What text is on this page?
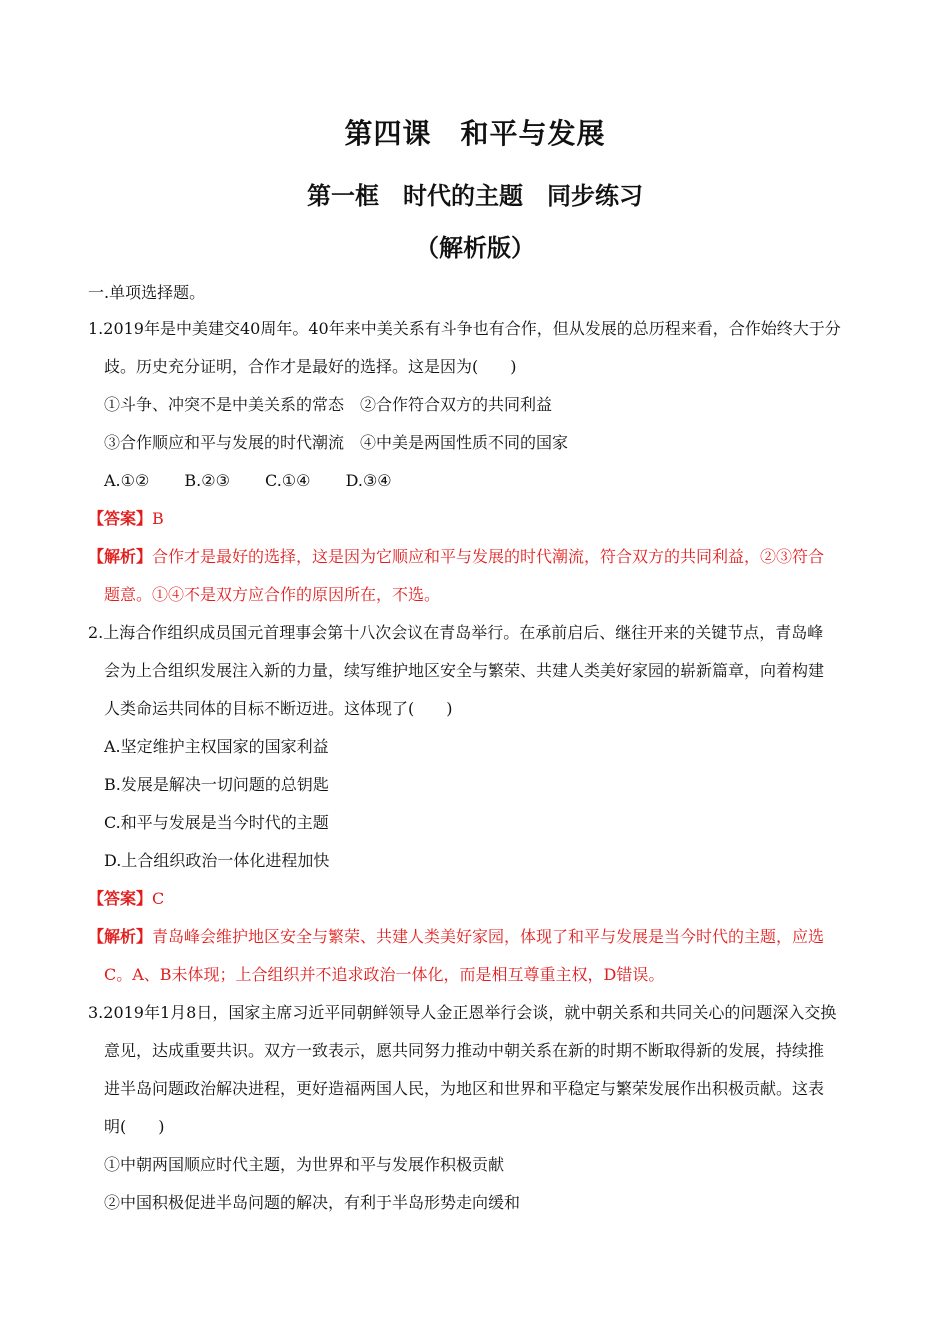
第四课　和平与发展
第一框　时代的主题　同步练习
（解析版）
一.单项选择题。
1.2019年是中美建交40周年。40年来中美关系有斗争也有合作，但从发展的总历程来看，合作始终大于分
歧。历史充分证明，合作才是最好的选择。这是因为(　　)
①斗争、冲突不是中美关系的常态　②合作符合双方的共同利益
③合作顺应和平与发展的时代潮流　④中美是两国性质不同的国家
A.①② B.②③ C.①④ D.③④
【答案】B
【解析】合作才是最好的选择，这是因为它顺应和平与发展的时代潮流，符合双方的共同利益，②③符合
题意。①④不是双方应合作的原因所在，不选。
2.上海合作组织成员国元首理事会第十八次会议在青岛举行。在承前启后、继往开来的关键节点，青岛峰
会为上合组织发展注入新的力量，续写维护地区安全与繁荣、共建人类美好家园的崭新篇章，向着构建
人类命运共同体的目标不断迈进。这体现了(　　)
A.坚定维护主权国家的国家利益
B.发展是解决一切问题的总钥匙
C.和平与发展是当今时代的主题
D.上合组织政治一体化进程加快
【答案】C
【解析】青岛峰会维护地区安全与繁荣、共建人类美好家园，体现了和平与发展是当今时代的主题，应选
C。A、B未体现；上合组织并不追求政治一体化，而是相互尊重主权，D错误。
3.2019年1月8日，国家主席习近平同朝鲜领导人金正恩举行会谈，就中朝关系和共同关心的问题深入交换
意见，达成重要共识。双方一致表示，愿共同努力推动中朝关系在新的时期不断取得新的发展，持续推
进半岛问题政治解决进程，更好造福两国人民，为地区和世界和平稳定与繁荣发展作出积极贡献。这表
明(　　)
①中朝两国顺应时代主题，为世界和平与发展作积极贡献
②中国积极促进半岛问题的解决，有利于半岛形势走向缓和
